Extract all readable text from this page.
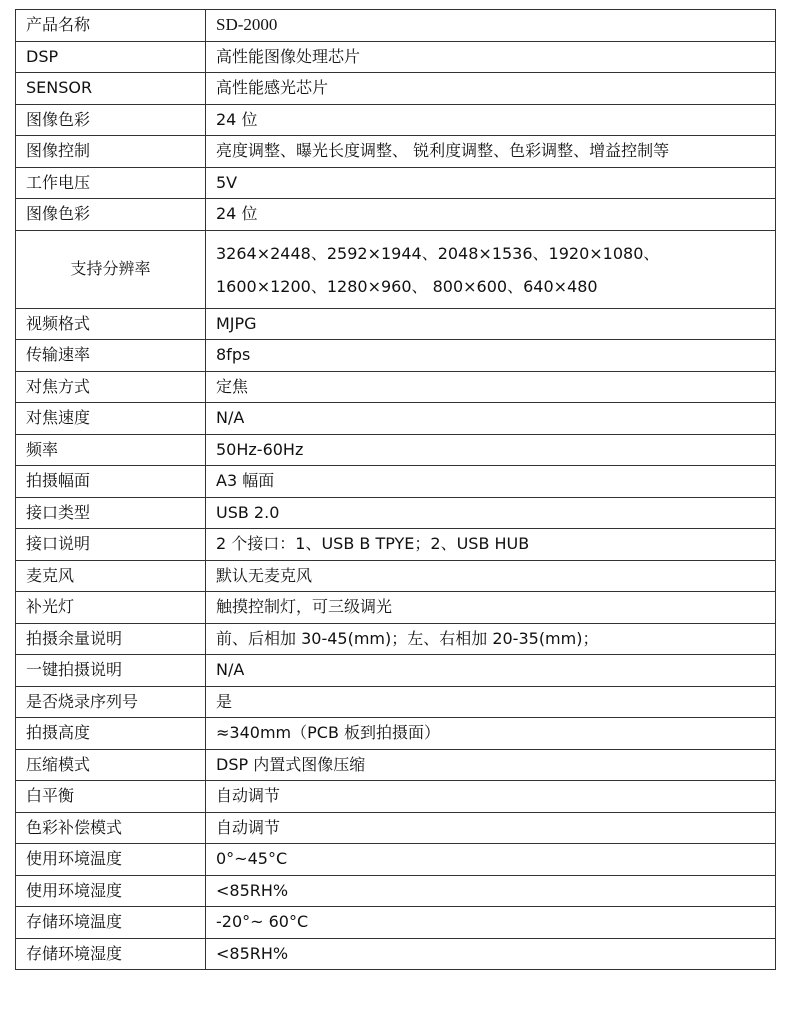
产品名称	SD-2000
DSP	高性能图像处理芯片
SENSOR	高性能感光芯片
图像色彩	24 位
图像控制	亮度调整、曝光长度调整、 锐利度调整、色彩调整、增益控制等
工作电压	5V
图像色彩	24 位
支持分辨率	3264×2448、2592×1944、2048×1536、1920×1080、
1600×1200、1280×960、 800×600、640×480

视频格式	MJPG
传输速率	8fps
对焦方式	定焦
对焦速度	N/A
频率	50Hz-60Hz
拍摄幅面	A3 幅面
接口类型	USB 2.0
接口说明	2 个接口：1、USB B TPYE；2、USB HUB
麦克风	默认无麦克风
补光灯	触摸控制灯，可三级调光
拍摄余量说明	前、后相加 30-45(mm)；左、右相加 20-35(mm)；
一键拍摄说明	N/A
是否烧录序列号	是
拍摄高度	≈340mm（PCB 板到拍摄面）
压缩模式	DSP 内置式图像压缩
白平衡	自动调节
色彩补偿模式	自动调节
使用环境温度	0°~45°C
使用环境湿度	<85RH%
存储环境温度	-20°~ 60°C
存储环境湿度	<85RH%
